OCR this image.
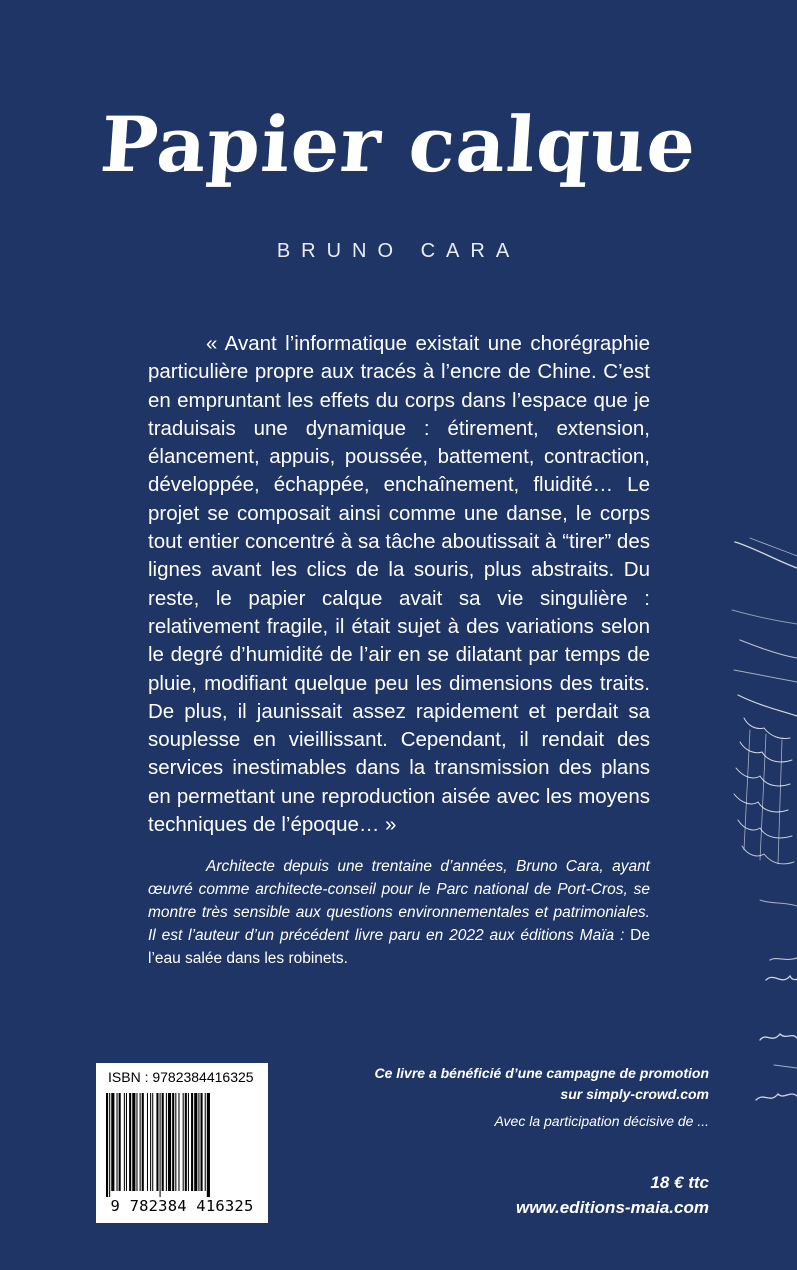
Papier calque
BRUNO CARA

« Avant l’informatique existait une chorégraphie particulière propre aux tracés à l’encre de Chine. C’est en empruntant les effets du corps dans l’espace que je traduisais une dynamique : étirement, extension, élancement, appuis, poussée, battement, contraction, développée, échappée, enchaînement, fluidité… Le projet se composait ainsi comme une danse, le corps tout entier concentré à sa tâche aboutissait à “tirer” des lignes avant les clics de la souris, plus abstraits. Du reste, le papier calque avait sa vie singulière : relativement fragile, il était sujet à des variations selon le degré d’humidité de l’air en se dilatant par temps de pluie, modifiant quelque peu les dimensions des traits. De plus, il jaunissait assez rapidement et perdait sa souplesse en vieillissant. Cependant, il rendait des services inestimables dans la transmission des plans en permettant une reproduction aisée avec les moyens techniques de l’époque… »

Architecte depuis une trentaine d’années, Bruno Cara, ayant œuvré comme architecte-conseil pour le Parc national de Port-Cros, se montre très sensible aux questions environnementales et patrimoniales. Il est l’auteur d’un précédent livre paru en 2022 aux éditions Maïa : De l’eau salée dans les robinets.

ISBN : 9782384416325
9 782384 416325
Ce livre a bénéficié d’une campagne de promotion
sur simply-crowd.com
Avec la participation décisive de ...
18 € ttc
www.editions-maia.com
